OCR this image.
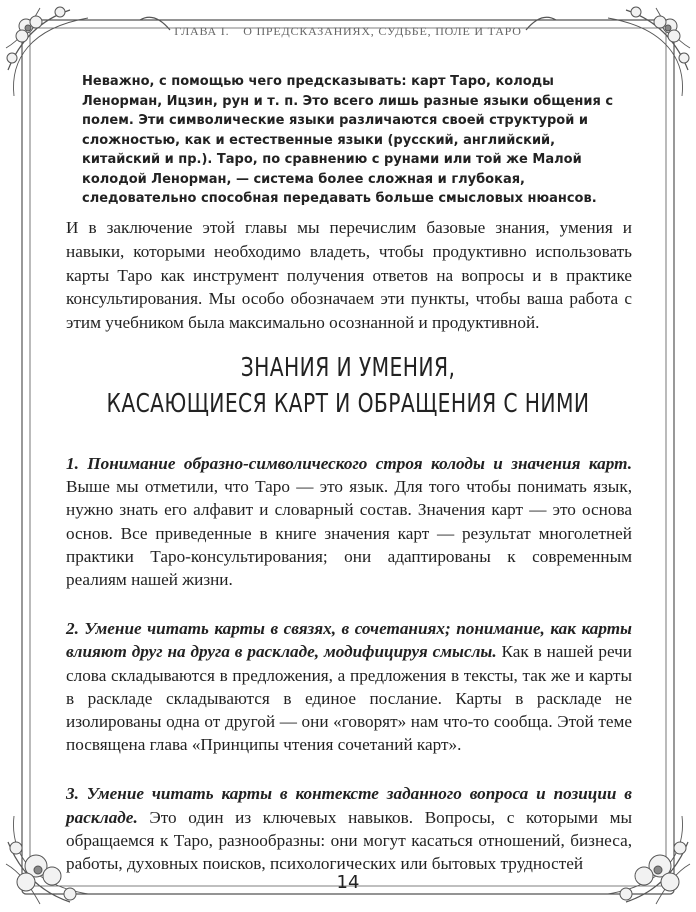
ГЛАВА I. О ПРЕДСКАЗАНИЯХ, СУДЬБЕ, ПОЛЕ И ТАРО

Неважно, с помощью чего предсказывать: карт Таро, колоды Ленорман, Ицзин, рун и т. п. Это всего лишь разные языки общения с полем. Эти символические языки различаются своей структурой и сложностью, как и естественные языки (русский, английский, китайский и пр.). Таро, по сравнению с рунами или той же Малой колодой Ленорман, — система более сложная и глубокая, следовательно способная передавать больше смысловых нюансов.

И в заключение этой главы мы перечислим базовые знания, умения и навыки, которыми необходимо владеть, чтобы продуктивно использовать карты Таро как инструмент получения ответов на вопросы и в практике консультирования. Мы особо обозначаем эти пункты, чтобы ваша работа с этим учебником была максимально осознанной и продуктивной.

ЗНАНИЯ И УМЕНИЯ,
КАСАЮЩИЕСЯ КАРТ И ОБРАЩЕНИЯ С НИМИ

1. Понимание образно-символического строя колоды и значения карт. Выше мы отметили, что Таро — это язык. Для того чтобы понимать язык, нужно знать его алфавит и словарный состав. Значения карт — это основа основ. Все приведенные в книге значения карт — результат многолетней практики Таро-консультирования; они адаптированы к современным реалиям нашей жизни.

2. Умение читать карты в связях, в сочетаниях; понимание, как карты влияют друг на друга в раскладе, модифицируя смыслы. Как в нашей речи слова складываются в предложения, а предложения в тексты, так же и карты в раскладе складываются в единое послание. Карты в раскладе не изолированы одна от другой — они «говорят» нам что-то сообща. Этой теме посвящена глава «Принципы чтения сочетаний карт».

3. Умение читать карты в контексте заданного вопроса и позиции в раскладе. Это один из ключевых навыков. Вопросы, с которыми мы обращаемся к Таро, разнообразны: они могут касаться отношений, бизнеса, работы, духовных поисков, психологических или бытовых трудностей

14
